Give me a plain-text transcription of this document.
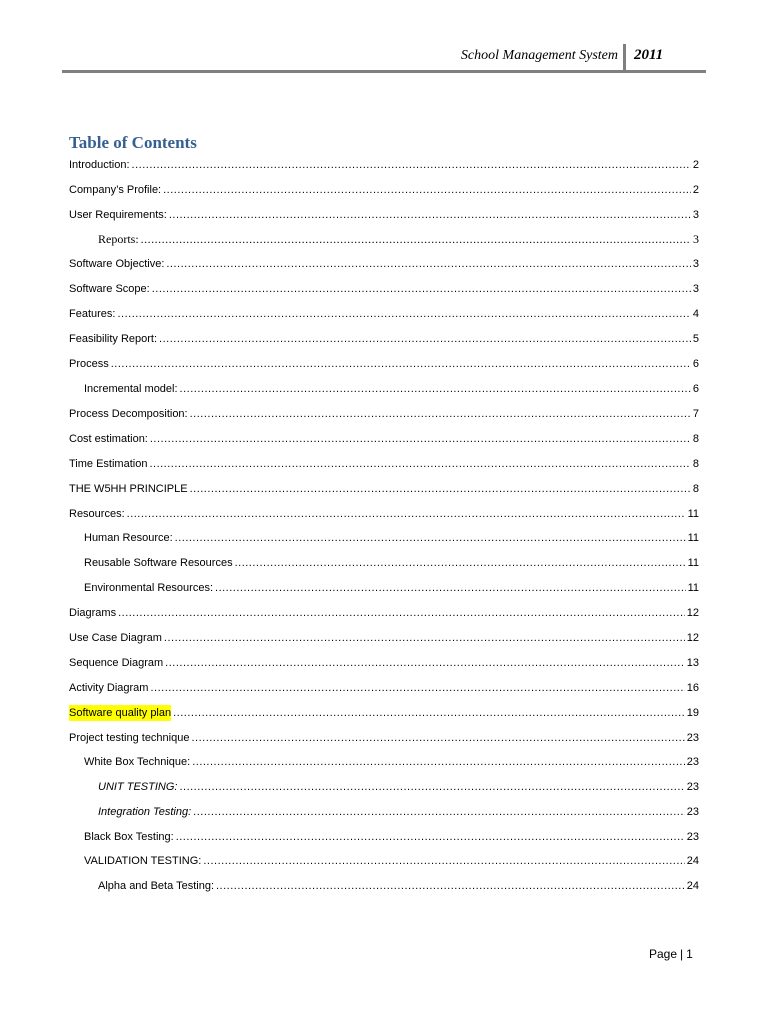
School Management System 2011
Table of Contents
Introduction: .....	2
Company’s Profile: .....	2
User Requirements: .....	3
Reports: .....	3
Software Objective: .....	3
Software Scope: .....	3
Features: .....	4
Feasibility Report: .....	5
Process .....	6
Incremental model: .....	6
Process Decomposition: .....	7
Cost estimation: .....	8
Time Estimation .....	8
THE W5HH PRINCIPLE .....	8
Resources: .....	11
Human Resource: .....	11
Reusable Software Resources .....	11
Environmental Resources: .....	11
Diagrams .....	12
Use Case Diagram .....	12
Sequence Diagram .....	13
Activity Diagram .....	16
Software quality plan .....	19
Project testing technique .....	23
White Box Technique: .....	23
UNIT TESTING: .....	23
Integration Testing: .....	23
Black Box Testing: .....	23
VALIDATION TESTING: .....	24
Alpha and Beta Testing: .....	24
Page | 1
